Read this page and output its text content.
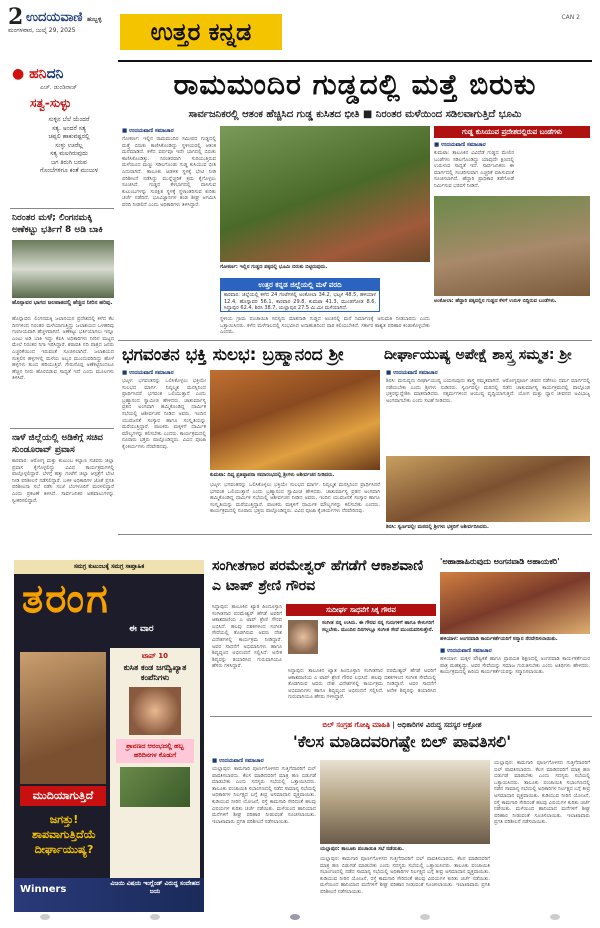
2 ಉದಯವಾಣಿ ಹುಬ್ಬಳ್ಳಿ
ಮಂಗಳವಾರ, ಜುಲೈ 29, 2025	ಉತ್ತರ ಕನ್ನಡ
CAN 2
● ಹನಿದನಿ
ಎಚ್. ಡುಂಡಿರಾಜ್
ಸತ್ವ-ಸುಳ್ಳು
ಸುಳ್ಳಿನ ಬೆಲೆ ಯೆಂದರೆ
ಸತ್ಯ. ಅಂದರೆ ಸತ್ಯ
ಚಪ್ಪಲಿ ಹಾಕುವಷ್ಟರಲ್ಲಿ
ಸುಳ್ಳು ಊರೆಲ್ಲ
ಸತ್ಯ ಮಲಗಿರುವುದು
ಜಗ ತಿರುಗಿ ಬರುವ
ಗೊಂಬೆಗಳಿಗೂ ಕಂತೆ ಮಂಜುಳ
ನಿರಂತರ ಮಳೆ; ಲಿಂಗನಮಕ್ಕಿ ಅಣೆಕಟ್ಟು ಭರ್ತಿಗೆ 8 ಅಡಿ ಬಾಕಿ
ಹೊನ್ನಾವರ ಭಾಗದ ಜಲಪಾತದಲ್ಲಿ ಹೆಚ್ಚಿದ ನೀರಿನ ಹರಿವು.
ಹೊನ್ನಾವರ: ಲಿಂಗನಮಕ್ಕಿ ಜಲಾನಯನ ಪ್ರದೇಶದಲ್ಲಿ ಕಳೆದ ಕೆಲ ದಿನಗಳಿಂದ ನಿರಂತರ ಮಳೆಯಾಗುತ್ತಿದ್ದು ಜಲಾಶಯದ ಒಳಹರಿವು ಗಣನೀಯವಾಗಿ ಹೆಚ್ಚಳವಾಗಿದೆ. ಅಣೆಕಟ್ಟು ಭರ್ತಿಯಾಗಲು ಇನ್ನೂ ಎಂಟು ಅಡಿ ಬಾಕಿ ಇದ್ದು ಕೆಪಿಸಿ ಅಧಿಕಾರಿಗಳು ನೀರಿನ ಮಟ್ಟದ ಮೇಲೆ ನಿರಂತರ ನಿಗಾ ಇರಿಸಿದ್ದಾರೆ. ಶರಾವತಿ ನದಿ ಪಾತ್ರದ ಜನರು ಎಚ್ಚರಿಕೆಯಿಂದ ಇರುವಂತೆ ಸೂಚಿಸಲಾಗಿದೆ. ಜಲಾಶಯದ ಸುತ್ತಲಿನ ಹಳ್ಳಿಗಳಲ್ಲಿ ಮಳೆಯ ಅಬ್ಬರ ಮುಂದುವರಿದಿದ್ದು ಹೊಳೆ ಹಳ್ಳಗಳು ತುಂಬಿ ಹರಿಯುತ್ತಿವೆ. ಗೇರುಸೊಪ್ಪ ಅಣೆಕಟ್ಟಿನಿಂದಲೂ ಹೆಚ್ಚಿನ ನೀರು ಹೊರಬಿಡುವ ಸಾಧ್ಯತೆ ಇದೆ ಎಂದು ಮೂಲಗಳು ತಿಳಿಸಿವೆ.
ನಾಳೆ ಜಿಲ್ಲೆಯಲ್ಲಿ ಅಡಿಕೆಗ್ಗೆ ಸಚಿವ ಸುಂಡೂರಾವ್ ಪ್ರವಾಸ
ಕಾರವಾರ: ಆರೋಗ್ಯ ಮತ್ತು ಕುಟುಂಬ ಕಲ್ಯಾಣ ಸಚಿವರು ಜಿಲ್ಲಾ ಪ್ರವಾಸ ಕೈಗೊಳ್ಳಲಿದ್ದು ವಿವಿಧ ಕಾರ್ಯಕ್ರಮಗಳಲ್ಲಿ ಪಾಲ್ಗೊಳ್ಳಲಿದ್ದಾರೆ. ಬೆಳಗ್ಗೆ ಹತ್ತು ಗಂಟೆಗೆ ಜಿಲ್ಲಾ ಆಸ್ಪತ್ರೆಗೆ ಭೇಟಿ ನೀಡಿ ಪರಿಶೀಲನೆ ನಡೆಸಲಿದ್ದಾರೆ. ಬಳಿಕ ಅಧಿಕಾರಿಗಳ ಜೊತೆ ಪ್ರಗತಿ ಪರಿಶೀಲನಾ ಸಭೆ ನಡೆಸಿ ಸಂಜೆ ಬೆಂಗಳೂರಿಗೆ ಮರಳಲಿದ್ದಾರೆ ಎಂದು ಪ್ರಕಟಣೆ ತಿಳಿಸಿದೆ. ಸಾರ್ವಜನಿಕರ ಅಹವಾಲುಗಳನ್ನು ಸ್ವೀಕರಿಸಲಿದ್ದಾರೆ.
ರಾಮಮಂದಿರ ಗುಡ್ಡದಲ್ಲಿ ಮತ್ತೆ ಬಿರುಕು
ಸಾರ್ವಜನಿಕರಲ್ಲಿ ಆತಂಕ ಹೆಚ್ಚಿಸಿದ ಗುಡ್ಡ ಕುಸಿತದ ಭೀತಿ ■ ನಿರಂತರ ಮಳೆಯಿಂದ ಸಡಿಲವಾಗುತ್ತಿದೆ ಭೂಮಿ
■ ಉದಯವಾಣಿ ಸಮಾಚಾರ
ಗೋಕರ್ಣ: ಇಲ್ಲಿನ ರಾಮಮಂದಿರ ಸಮೀಪದ ಗುಡ್ಡದಲ್ಲಿ ಮತ್ತೆ ಬಿರುಕು ಕಾಣಿಸಿಕೊಂಡಿದ್ದು ಸ್ಥಳೀಯರಲ್ಲಿ ಆತಂಕ ಮನೆಮಾಡಿದೆ. ಕಳೆದ ವರ್ಷವೂ ಇದೇ ಭಾಗದಲ್ಲಿ ಬಿರುಕು ಕಾಣಿಸಿಕೊಂಡಿತ್ತು. ನಿರಂತರವಾಗಿ ಸುರಿಯುತ್ತಿರುವ ಮಳೆಯಿಂದ ಮಣ್ಣು ಸಡಿಲಗೊಂಡು ಗುಡ್ಡ ಕುಸಿಯುವ ಭೀತಿ ಎದುರಾಗಿದೆ. ತಾಲೂಕು ಆಡಳಿತ ಸ್ಥಳಕ್ಕೆ ಭೇಟಿ ನೀಡಿ ಪರಿಶೀಲನೆ ನಡೆಸಿದ್ದು ಮುನ್ನೆಚ್ಚರಿಕೆ ಕ್ರಮ ಕೈಗೊಳ್ಳಲು ಸೂಚಿಸಿದೆ. ಗುಡ್ಡದ ಕೆಳಭಾಗದಲ್ಲಿ ವಾಸಿಸುವ ಕುಟುಂಬಗಳನ್ನು ಸುರಕ್ಷಿತ ಸ್ಥಳಕ್ಕೆ ಸ್ಥಳಾಂತರಿಸುವ ಕುರಿತು ಚರ್ಚೆ ನಡೆದಿದೆ. ಭೂವಿಜ್ಞಾನಿಗಳ ತಂಡ ಶೀಘ್ರ ಆಗಮಿಸಿ ವರದಿ ನೀಡಲಿದೆ ಎಂದು ಅಧಿಕಾರಿಗಳು ತಿಳಿಸಿದ್ದಾರೆ.
ಗೋಕರ್ಣ: ಇಲ್ಲಿನ ಗುಡ್ಡದ ಪಕ್ಕದಲ್ಲಿ ಭೂಮಿ ಬಿರುಕು ಬಿಟ್ಟಿರುವುದು.
ಉತ್ತರ ಕನ್ನಡ ಜಿಲ್ಲೆಯಲ್ಲಿ ಮಳೆ ವರದಿ
ಕಾರವಾರ: ಜಿಲ್ಲೆಯಲ್ಲಿ ಕಳೆದ 24 ಗಂಟೆಗಳಲ್ಲಿ ಅಂಕೋಲಾ 34.2, ಭಟ್ಕಳ 48.5, ಹಳಿಯಾಳ 12.4, ಹೊನ್ನಾವರ 56.1, ಕಾರವಾರ 29.8, ಕುಮಟಾ 41.3, ಮುಂಡಗೋಡ 8.6, ಸಿದ್ದಾಪುರ 62.4, ಶಿರಸಿ 38.7, ಯಲ್ಲಾಪುರ 27.5 ಮಿ.ಮೀ ಮಳೆಯಾಗಿದೆ.
ಸ್ಥಳೀಯ ಗ್ರಾಮ ಪಂಚಾಯಿತಿ ಸದಸ್ಯರು ಮಾತನಾಡಿ ಗುಡ್ಡದ ಅಂಚಿನಲ್ಲಿ ಮನೆ ನಿರ್ಮಾಣಕ್ಕೆ ಅನುಮತಿ ನೀಡಬಾರದು ಎಂದು ಒತ್ತಾಯಿಸಿದರು. ಕಳೆದ ಮಳೆಗಾಲದಲ್ಲಿ ಸಂಭವಿಸಿದ ಅನಾಹುತದಿಂದ ಪಾಠ ಕಲಿಯಬೇಕಿದೆ. ಸರ್ಕಾರ ಶಾಶ್ವತ ಪರಿಹಾರ ಕಂಡುಕೊಳ್ಳಬೇಕು ಎಂದರು.
ಗುಡ್ಡ ಕುಸಿಯುವ ಪ್ರದೇಶದಲ್ಲಿರುವ ಬಂಡೆಗಳು
■ ಉದಯವಾಣಿ ಸಮಾಚಾರ
ಕುಮಟಾ: ತಾಲೂಕಿನ ವಿವಿಧೆಡೆ ಗುಡ್ಡದ ಮೇಲಿನ ಬಂಡೆಗಳು ಸಡಿಲಗೊಂಡಿದ್ದು ಯಾವುದೇ ಕ್ಷಣದಲ್ಲಿ ಉರುಳುವ ಸಾಧ್ಯತೆ ಇದೆ. ಸಾರ್ವಜನಿಕರು ಈ ಮಾರ್ಗದಲ್ಲಿ ಸಂಚರಿಸುವಾಗ ಎಚ್ಚರಿಕೆ ವಹಿಸುವಂತೆ ಸೂಚಿಸಲಾಗಿದೆ. ಹೆದ್ದಾರಿ ಪ್ರಾಧಿಕಾರ ತಡೆಗೋಡೆ ನಿರ್ಮಿಸುವ ಭರವಸೆ ನೀಡಿದೆ.
ಅಂಕೋಲಾ: ಹೆದ್ದಾರಿ ಪಕ್ಕದಲ್ಲಿನ ಗುಡ್ಡದ ಕೆಳಗೆ ಉರುಳಿ ಬಿದ್ದಿರುವ ಬಂಡೆಗಳು.
ಭಗವಂತನ ಭಕ್ತಿ ಸುಲಭ: ಬ್ರಹ್ಮಾನಂದ ಶ್ರೀ
■ ಉದಯವಾಣಿ ಸಮಾಚಾರ
ಭಟ್ಕಳ: ಭಗವಂತನನ್ನು ಒಲಿಸಿಕೊಳ್ಳಲು ಭಕ್ತಿಯೇ ಸುಲಭದ ಮಾರ್ಗ. ನಿಷ್ಕಲ್ಮಶ ಮನಸ್ಸಿನಿಂದ ಪ್ರಾರ್ಥಿಸಿದರೆ ಭಗವಂತ ಒಲಿಯುತ್ತಾನೆ ಎಂದು ಬ್ರಹ್ಮಾನಂದ ಸ್ವಾಮೀಜಿ ಹೇಳಿದರು. ಚಾತುರ್ಮಾಸ್ಯ ವ್ರತದ ಅಂಗವಾಗಿ ಹಮ್ಮಿಕೊಂಡಿದ್ದ ಧಾರ್ಮಿಕ ಸಭೆಯಲ್ಲಿ ಆಶೀರ್ವಚನ ನೀಡಿದ ಅವರು, ಇಂದಿನ ಯುವಜನತೆ ಸಂಸ್ಕಾರ ಹಾಗೂ ಸಂಸ್ಕೃತಿಯನ್ನು ಮರೆಯುತ್ತಿದ್ದಾರೆ. ಪಾಲಕರು ಮಕ್ಕಳಿಗೆ ಧಾರ್ಮಿಕ ಮೌಲ್ಯಗಳನ್ನು ಕಲಿಸಬೇಕು ಎಂದರು. ಕಾರ್ಯಕ್ರಮದಲ್ಲಿ ನೂರಾರು ಭಕ್ತರು ಪಾಲ್ಗೊಂಡಿದ್ದರು. ವಿವಿಧ ಪೂಜಾ ಕೈಂಕರ್ಯಗಳು ನೆರವೇರಿದವು.
ಕುಮಟಾ: ದಿವ್ಯ ಪ್ರತಿಷ್ಠಾಪನಾ ಸಮಾರಂಭದಲ್ಲಿ ಶ್ರೀಗಳು ಆಶೀರ್ವಚನ ನೀಡಿದರು.
ಭಟ್ಕಳ: ಭಗವಂತನನ್ನು ಒಲಿಸಿಕೊಳ್ಳಲು ಭಕ್ತಿಯೇ ಸುಲಭದ ಮಾರ್ಗ. ನಿಷ್ಕಲ್ಮಶ ಮನಸ್ಸಿನಿಂದ ಪ್ರಾರ್ಥಿಸಿದರೆ ಭಗವಂತ ಒಲಿಯುತ್ತಾನೆ ಎಂದು ಬ್ರಹ್ಮಾನಂದ ಸ್ವಾಮೀಜಿ ಹೇಳಿದರು. ಚಾತುರ್ಮಾಸ್ಯ ವ್ರತದ ಅಂಗವಾಗಿ ಹಮ್ಮಿಕೊಂಡಿದ್ದ ಧಾರ್ಮಿಕ ಸಭೆಯಲ್ಲಿ ಆಶೀರ್ವಚನ ನೀಡಿದ ಅವರು, ಇಂದಿನ ಯುವಜನತೆ ಸಂಸ್ಕಾರ ಹಾಗೂ ಸಂಸ್ಕೃತಿಯನ್ನು ಮರೆಯುತ್ತಿದ್ದಾರೆ. ಪಾಲಕರು ಮಕ್ಕಳಿಗೆ ಧಾರ್ಮಿಕ ಮೌಲ್ಯಗಳನ್ನು ಕಲಿಸಬೇಕು ಎಂದರು. ಕಾರ್ಯಕ್ರಮದಲ್ಲಿ ನೂರಾರು ಭಕ್ತರು ಪಾಲ್ಗೊಂಡಿದ್ದರು. ವಿವಿಧ ಪೂಜಾ ಕೈಂಕರ್ಯಗಳು ನೆರವೇರಿದವು.
ದೀರ್ಘಾಯುಷ್ಯ ಅಪೇಕ್ಷೆ ಶಾಸ್ತ್ರ ಸಮ್ಮತ: ಶ್ರೀ
■ ಉದಯವಾಣಿ ಸಮಾಚಾರ
ಶಿರಸಿ: ಮನುಷ್ಯನು ದೀರ್ಘಾಯುಷ್ಯ ಬಯಸುವುದು ಶಾಸ್ತ್ರ ಸಮ್ಮತವಾಗಿದೆ. ಆರೋಗ್ಯಪೂರ್ಣ ಜೀವನ ನಡೆಸಲು ಧರ್ಮ ಮಾರ್ಗದಲ್ಲಿ ನಡೆಯಬೇಕು ಎಂದು ಶ್ರೀಗಳು ನುಡಿದರು. ಸ್ವರ್ಣವಲ್ಲೀ ಮಠದಲ್ಲಿ ನಡೆದ ಚಾತುರ್ಮಾಸ್ಯ ಕಾರ್ಯಕ್ರಮದಲ್ಲಿ ಪಾಲ್ಗೊಂಡ ಭಕ್ತರನ್ನುದ್ದೇಶಿಸಿ ಮಾತನಾಡಿದರು. ಸತ್ಕರ್ಮಗಳಿಂದ ಆಯುಷ್ಯ ವೃದ್ಧಿಯಾಗುತ್ತದೆ. ಯೋಗ ಮತ್ತು ಧ್ಯಾನ ಜೀವನದ ಅವಿಭಾಜ್ಯ ಅಂಗವಾಗಬೇಕು ಎಂದು ಸಲಹೆ ನೀಡಿದರು.
ಶಿರಸಿ: ಸ್ವರ್ಣವಲ್ಲೀ ಮಠದಲ್ಲಿ ಶ್ರೀಗಳು ಭಕ್ತರಿಗೆ ಆಶೀರ್ವದಿಸಿದರು.
ಸಮಗ್ರ ಕುಟುಂಬಕ್ಕೆ ಸಮಗ್ರ ಸಾಪ್ತಾಹಿಕ
ತರಂಗ
ಈ ವಾರ
ಟಾಪ್ 10
ಕುಸಿತ ಕಂಡ ಜಗದ್ವಿಖ್ಯಾತ ಕಂಪೆನಿಗಳು
ಶ್ರಾವಣದ ಆರಂಭದಲ್ಲಿ ಹಬ್ಬ ಹರಿದಿನಗಳ ಕೊಡುಗೆ
ಮುದಿಯಾಗುತ್ತಿದೆ
ಜಗತ್ತು!
ಶಾಪವಾಗುತ್ತಿದೆಯೆ
ದೀರ್ಘಾಯುಷ್ಯ?
Winners
ವಿಜಯಿ ವಿಷಯ ಇಂಗ್ಲೆಂಡ್ ವಿರುದ್ಧ ಸಂದೇಹದ ಜಯ
ಸಂಗೀತಗಾರ ಪರಮೇಶ್ವರ್ ಹೆಗಡೆಗೆ ಆಕಾಶವಾಣಿ ಎ ಟಾಪ್ ಶ್ರೇಣಿ ಗೌರವ
ಸಿದ್ದಾಪುರ: ತಾಲೂಕಿನ ಖ್ಯಾತ ಹಿಂದೂಸ್ತಾನಿ ಸಂಗೀತಗಾರ ಪರಮೇಶ್ವರ್ ಹೆಗಡೆ ಅವರಿಗೆ ಆಕಾಶವಾಣಿಯ ಎ ಟಾಪ್ ಶ್ರೇಣಿ ಗೌರವ ಲಭಿಸಿದೆ. ಹಲವು ದಶಕಗಳಿಂದ ಸಂಗೀತ ಸೇವೆಯಲ್ಲಿ ತೊಡಗಿರುವ ಅವರು ದೇಶ ವಿದೇಶಗಳಲ್ಲಿ ಕಾರ್ಯಕ್ರಮ ನೀಡಿದ್ದಾರೆ. ಅವರ ಸಾಧನೆಗೆ ಅಭಿಮಾನಿಗಳು ಹಾಗೂ ಶಿಷ್ಯವೃಂದ ಅಭಿನಂದನೆ ಸಲ್ಲಿಸಿದೆ. ಅನೇಕ ಶಿಷ್ಯರನ್ನು ತಯಾರಿಸಿದ ಗುರುವಾಗಿಯೂ ಹೆಸರು ಗಳಿಸಿದ್ದಾರೆ.
ಸುದೀರ್ಘ ಸಾಧನೆಗೆ ಸಿಕ್ಕ ಗೌರವ
ಸಂಗೀತ ನನ್ನ ಉಸಿರು. ಈ ಗೌರವ ನನ್ನ ಗುರುಗಳಿಗೆ ಹಾಗೂ ಕೇಳುಗರಿಗೆ ಸಲ್ಲಬೇಕು. ಮುಂದಿನ ದಿನಗಳಲ್ಲೂ ಸಂಗೀತ ಸೇವೆ ಮುಂದುವರಿಸುತ್ತೇನೆ.
ಸಿದ್ದಾಪುರ: ತಾಲೂಕಿನ ಖ್ಯಾತ ಹಿಂದೂಸ್ತಾನಿ ಸಂಗೀತಗಾರ ಪರಮೇಶ್ವರ್ ಹೆಗಡೆ ಅವರಿಗೆ ಆಕಾಶವಾಣಿಯ ಎ ಟಾಪ್ ಶ್ರೇಣಿ ಗೌರವ ಲಭಿಸಿದೆ. ಹಲವು ದಶಕಗಳಿಂದ ಸಂಗೀತ ಸೇವೆಯಲ್ಲಿ ತೊಡಗಿರುವ ಅವರು ದೇಶ ವಿದೇಶಗಳಲ್ಲಿ ಕಾರ್ಯಕ್ರಮ ನೀಡಿದ್ದಾರೆ. ಅವರ ಸಾಧನೆಗೆ ಅಭಿಮಾನಿಗಳು ಹಾಗೂ ಶಿಷ್ಯವೃಂದ ಅಭಿನಂದನೆ ಸಲ್ಲಿಸಿದೆ. ಅನೇಕ ಶಿಷ್ಯರನ್ನು ತಯಾರಿಸಿದ ಗುರುವಾಗಿಯೂ ಹೆಸರು ಗಳಿಸಿದ್ದಾರೆ.
'ಅಹಾಹಾಹಿರುವುದು ಅಂಗನವಾಡಿ ಅಹಾಯಕರಿ'
ಹಳಿಯಾಳ: ಅಂಗನವಾಡಿ ಕಾರ್ಯಕರ್ತೆಯರಿಗೆ ಸನ್ಮಾನ ನೆರವೇರಿಸಲಾಯಿತು.
■ ಉದಯವಾಣಿ ಸಮಾಚಾರ
ಹಳಿಯಾಳ: ಮಕ್ಕಳ ಪೌಷ್ಟಿಕತೆ ಹಾಗೂ ಪ್ರಾಥಮಿಕ ಶಿಕ್ಷಣದಲ್ಲಿ ಅಂಗನವಾಡಿ ಕಾರ್ಯಕರ್ತೆಯರ ಪಾತ್ರ ಮಹತ್ವದ್ದು. ಅವರ ಸೇವೆಯನ್ನು ಸಮಾಜ ಗುರುತಿಸಬೇಕು ಎಂದು ಅತಿಥಿಗಳು ಹೇಳಿದರು. ಕಾರ್ಯಕ್ರಮದಲ್ಲಿ ಹಿರಿಯ ಕಾರ್ಯಕರ್ತೆಯರನ್ನು ಸನ್ಮಾನಿಸಲಾಯಿತು.
ಬಿಲ್ ಸಂಗ್ರಹ ಗೋಷ್ಠಿ ಮಾಹಿತಿ | ಅಧಿಕಾರಿಗಳ ವಿರುದ್ಧ ಸದಸ್ಯರ ಆಕ್ರೋಶ
'ಕೆಲಸ ಮಾಡಿದವರಿಗಷ್ಟೇ ಬಿಲ್ ಪಾವತಿಸಲಿ'
■ ಉದಯವಾಣಿ ಸಮಾಚಾರ
ಯಲ್ಲಾಪುರ: ಕಾಮಗಾರಿ ಪೂರ್ಣಗೊಳಿಸದ ಗುತ್ತಿಗೆದಾರರಿಗೆ ಬಿಲ್ ಪಾವತಿಸಬಾರದು. ಕೆಲಸ ಮಾಡಿದವರಿಗೆ ಮಾತ್ರ ಹಣ ಬಿಡುಗಡೆ ಮಾಡಬೇಕು ಎಂದು ಸದಸ್ಯರು ಸಭೆಯಲ್ಲಿ ಒತ್ತಾಯಿಸಿದರು. ತಾಲೂಕು ಪಂಚಾಯಿತಿ ಸಭಾಂಗಣದಲ್ಲಿ ನಡೆದ ಸಾಮಾನ್ಯ ಸಭೆಯಲ್ಲಿ ಅಧಿಕಾರಿಗಳ ನಿರ್ಲಕ್ಷ್ಯದ ಬಗ್ಗೆ ತೀವ್ರ ಅಸಮಾಧಾನ ವ್ಯಕ್ತವಾಯಿತು. ಕುಡಿಯುವ ನೀರಿನ ಯೋಜನೆ, ರಸ್ತೆ ಕಾಮಗಾರಿ ಸೇರಿದಂತೆ ಹಲವು ವಿಷಯಗಳ ಕುರಿತು ಚರ್ಚೆ ನಡೆಯಿತು. ಮಳೆಯಿಂದ ಹಾನಿಯಾದ ಮನೆಗಳಿಗೆ ಶೀಘ್ರ ಪರಿಹಾರ ನೀಡುವಂತೆ ಸೂಚಿಸಲಾಯಿತು. ಇಲಾಖಾವಾರು ಪ್ರಗತಿ ಪರಿಶೀಲನೆ ನಡೆಸಲಾಯಿತು.
ಯಲ್ಲಾಪುರ: ತಾಲೂಕು ಪಂಚಾಯಿತಿ ಸಭೆ ನಡೆಯಿತು.
ಯಲ್ಲಾಪುರ: ಕಾಮಗಾರಿ ಪೂರ್ಣಗೊಳಿಸದ ಗುತ್ತಿಗೆದಾರರಿಗೆ ಬಿಲ್ ಪಾವತಿಸಬಾರದು. ಕೆಲಸ ಮಾಡಿದವರಿಗೆ ಮಾತ್ರ ಹಣ ಬಿಡುಗಡೆ ಮಾಡಬೇಕು ಎಂದು ಸದಸ್ಯರು ಸಭೆಯಲ್ಲಿ ಒತ್ತಾಯಿಸಿದರು. ತಾಲೂಕು ಪಂಚಾಯಿತಿ ಸಭಾಂಗಣದಲ್ಲಿ ನಡೆದ ಸಾಮಾನ್ಯ ಸಭೆಯಲ್ಲಿ ಅಧಿಕಾರಿಗಳ ನಿರ್ಲಕ್ಷ್ಯದ ಬಗ್ಗೆ ತೀವ್ರ ಅಸಮಾಧಾನ ವ್ಯಕ್ತವಾಯಿತು. ಕುಡಿಯುವ ನೀರಿನ ಯೋಜನೆ, ರಸ್ತೆ ಕಾಮಗಾರಿ ಸೇರಿದಂತೆ ಹಲವು ವಿಷಯಗಳ ಕುರಿತು ಚರ್ಚೆ ನಡೆಯಿತು. ಮಳೆಯಿಂದ ಹಾನಿಯಾದ ಮನೆಗಳಿಗೆ ಶೀಘ್ರ ಪರಿಹಾರ ನೀಡುವಂತೆ ಸೂಚಿಸಲಾಯಿತು. ಇಲಾಖಾವಾರು ಪ್ರಗತಿ ಪರಿಶೀಲನೆ ನಡೆಸಲಾಯಿತು.
ಯಲ್ಲಾಪುರ: ಕಾಮಗಾರಿ ಪೂರ್ಣಗೊಳಿಸದ ಗುತ್ತಿಗೆದಾರರಿಗೆ ಬಿಲ್ ಪಾವತಿಸಬಾರದು. ಕೆಲಸ ಮಾಡಿದವರಿಗೆ ಮಾತ್ರ ಹಣ ಬಿಡುಗಡೆ ಮಾಡಬೇಕು ಎಂದು ಸದಸ್ಯರು ಸಭೆಯಲ್ಲಿ ಒತ್ತಾಯಿಸಿದರು. ತಾಲೂಕು ಪಂಚಾಯಿತಿ ಸಭಾಂಗಣದಲ್ಲಿ ನಡೆದ ಸಾಮಾನ್ಯ ಸಭೆಯಲ್ಲಿ ಅಧಿಕಾರಿಗಳ ನಿರ್ಲಕ್ಷ್ಯದ ಬಗ್ಗೆ ತೀವ್ರ ಅಸಮಾಧಾನ ವ್ಯಕ್ತವಾಯಿತು. ಕುಡಿಯುವ ನೀರಿನ ಯೋಜನೆ, ರಸ್ತೆ ಕಾಮಗಾರಿ ಸೇರಿದಂತೆ ಹಲವು ವಿಷಯಗಳ ಕುರಿತು ಚರ್ಚೆ ನಡೆಯಿತು. ಮಳೆಯಿಂದ ಹಾನಿಯಾದ ಮನೆಗಳಿಗೆ ಶೀಘ್ರ ಪರಿಹಾರ ನೀಡುವಂತೆ ಸೂಚಿಸಲಾಯಿತು. ಇಲಾಖಾವಾರು ಪ್ರಗತಿ ಪರಿಶೀಲನೆ ನಡೆಸಲಾಯಿತು.
